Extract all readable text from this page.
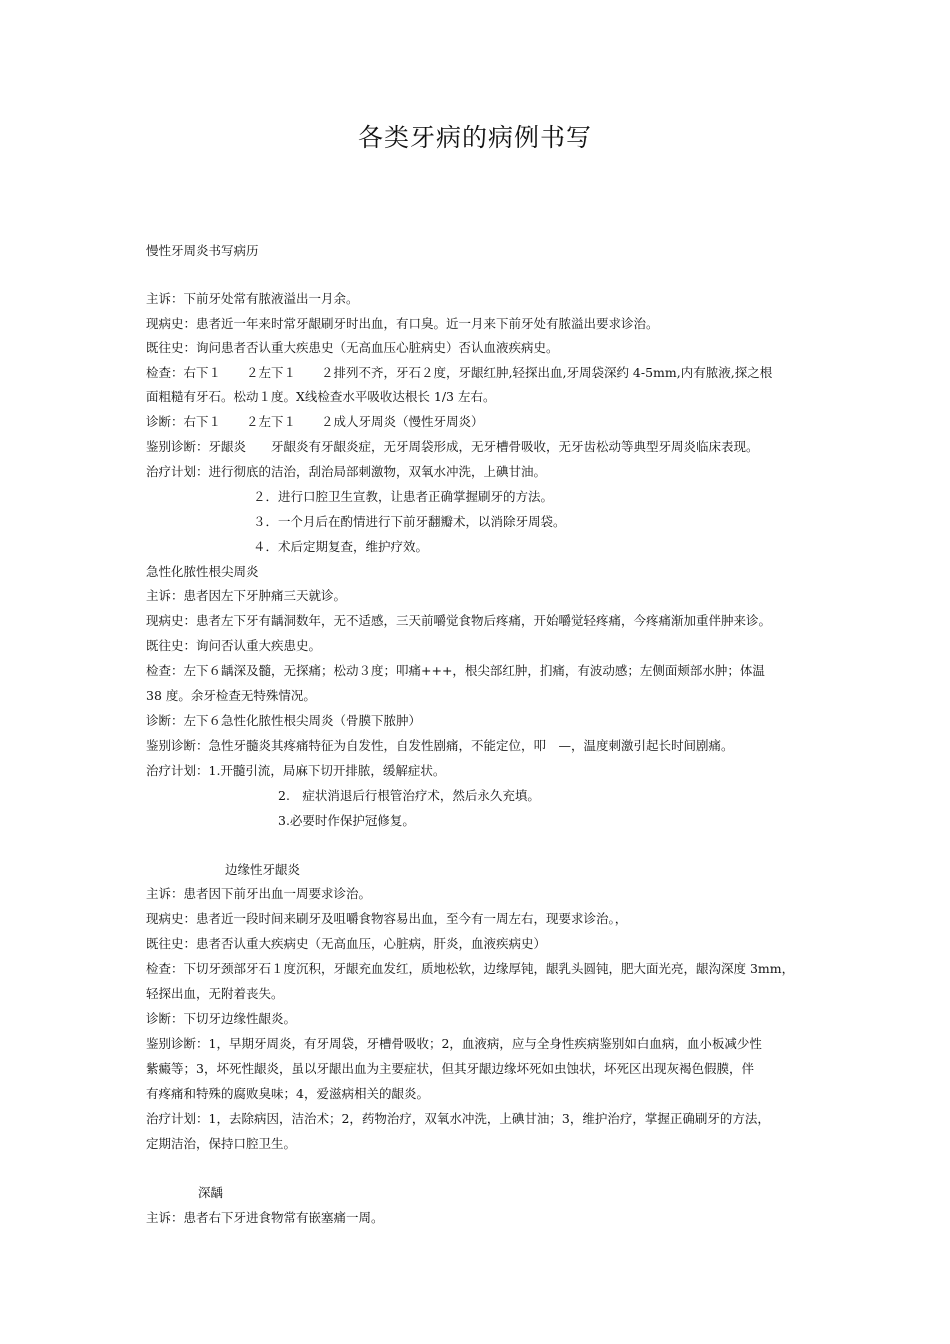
各类牙病的病例书写
慢性牙周炎书写病历
主诉：下前牙处常有脓液溢出一月余。
现病史：患者近一年来时常牙龈刷牙时出血，有口臭。近一月来下前牙处有脓溢出要求诊治。
既往史：询问患者否认重大疾患史（无高血压心脏病史）否认血液疾病史。
检查：右下１　　２左下１　　２排列不齐，牙石２度，牙龈红肿,轻探出血,牙周袋深约 4-5mm,内有脓液,探之根
面粗糙有牙石。松动１度。X线检查水平吸收达根长 1/3 左右。
诊断：右下１　　２左下１　　２成人牙周炎（慢性牙周炎）
鉴别诊断：牙龈炎　　牙龈炎有牙龈炎症，无牙周袋形成，无牙槽骨吸收，无牙齿松动等典型牙周炎临床表现。
治疗计划：进行彻底的洁治，刮治局部刺激物，双氧水冲洗，上碘甘油。
２．进行口腔卫生宣教，让患者正确掌握刷牙的方法。
３．一个月后在酌情进行下前牙翻瓣术，以消除牙周袋。
４．术后定期复查，维护疗效。
急性化脓性根尖周炎
主诉：患者因左下牙肿痛三天就诊。
现病史：患者左下牙有龋洞数年，无不适感，三天前嚼觉食物后疼痛，开始嚼觉轻疼痛，今疼痛渐加重伴肿来诊。
既往史：询问否认重大疾患史。
检查：左下６龋深及髓，无探痛；松动３度；叩痛+++，根尖部红肿，扪痛，有波动感；左侧面颊部水肿；体温
38 度。余牙检查无特殊情况。
诊断：左下６急性化脓性根尖周炎（骨膜下脓肿）
鉴别诊断：急性牙髓炎其疼痛特征为自发性，自发性剧痛，不能定位，叩　—，温度刺激引起长时间剧痛。
治疗计划：1.开髓引流，局麻下切开排脓，缓解症状。
2.　症状消退后行根管治疗术，然后永久充填。
3.必要时作保护冠修复。
边缘性牙龈炎
主诉：患者因下前牙出血一周要求诊治。
现病史：患者近一段时间来刷牙及咀嚼食物容易出血，至今有一周左右，现要求诊治。，
既往史：患者否认重大疾病史（无高血压，心脏病，肝炎，血液疾病史）
检查：下切牙颈部牙石１度沉积，牙龈充血发红，质地松软，边缘厚钝，龈乳头圆钝，肥大面光亮，龈沟深度 3mm，
轻探出血，无附着丧失。
诊断：下切牙边缘性龈炎。
鉴别诊断：1，早期牙周炎，有牙周袋，牙槽骨吸收；2，血液病，应与全身性疾病鉴别如白血病，血小板减少性
紫癜等；3，坏死性龈炎，虽以牙龈出血为主要症状，但其牙龈边缘坏死如虫蚀状，坏死区出现灰褐色假膜，伴
有疼痛和特殊的腐败臭味；4，爱滋病相关的龈炎。
治疗计划：1，去除病因，洁治术；2，药物治疗，双氧水冲洗，上碘甘油；3，维护治疗，掌握正确刷牙的方法，
定期洁治，保持口腔卫生。
深龋
主诉：患者右下牙进食物常有嵌塞痛一周。
